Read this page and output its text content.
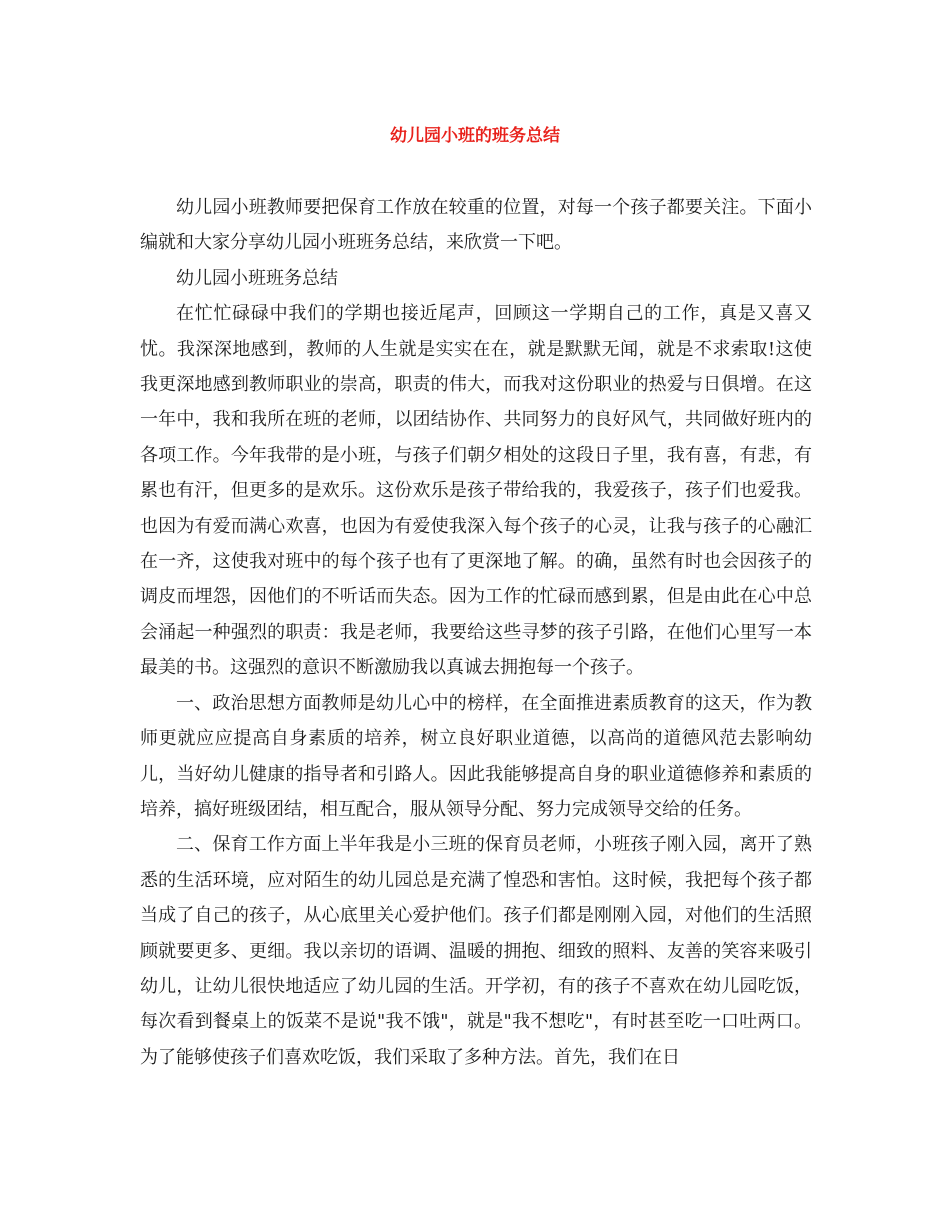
幼儿园小班的班务总结

幼儿园小班教师要把保育工作放在较重的位置，对每一个孩子都要关注。下面小编就和大家分享幼儿园小班班务总结，来欣赏一下吧。

幼儿园小班班务总结

在忙忙碌碌中我们的学期也接近尾声，回顾这一学期自己的工作，真是又喜又忧。我深深地感到，教师的人生就是实实在在，就是默默无闻，就是不求索取!这使我更深地感到教师职业的崇高，职责的伟大，而我对这份职业的热爱与日俱增。在这一年中，我和我所在班的老师，以团结协作、共同努力的良好风气，共同做好班内的各项工作。今年我带的是小班，与孩子们朝夕相处的这段日子里，我有喜，有悲，有累也有汗，但更多的是欢乐。这份欢乐是孩子带给我的，我爱孩子，孩子们也爱我。也因为有爱而满心欢喜，也因为有爱使我深入每个孩子的心灵，让我与孩子的心融汇在一齐，这使我对班中的每个孩子也有了更深地了解。的确，虽然有时也会因孩子的调皮而埋怨，因他们的不听话而失态。因为工作的忙碌而感到累，但是由此在心中总会涌起一种强烈的职责：我是老师，我要给这些寻梦的孩子引路，在他们心里写一本最美的书。这强烈的意识不断激励我以真诚去拥抱每一个孩子。

一、政治思想方面教师是幼儿心中的榜样，在全面推进素质教育的这天，作为教师更就应应提高自身素质的培养，树立良好职业道德，以高尚的道德风范去影响幼儿，当好幼儿健康的指导者和引路人。因此我能够提高自身的职业道德修养和素质的培养，搞好班级团结，相互配合，服从领导分配、努力完成领导交给的任务。

二、保育工作方面上半年我是小三班的保育员老师，小班孩子刚入园，离开了熟悉的生活环境，应对陌生的幼儿园总是充满了惶恐和害怕。这时候，我把每个孩子都当成了自己的孩子，从心底里关心爱护他们。孩子们都是刚刚入园，对他们的生活照顾就要更多、更细。我以亲切的语调、温暖的拥抱、细致的照料、友善的笑容来吸引幼儿，让幼儿很快地适应了幼儿园的生活。开学初，有的孩子不喜欢在幼儿园吃饭，每次看到餐桌上的饭菜不是说"我不饿"，就是"我不想吃"，有时甚至吃一口吐两口。为了能够使孩子们喜欢吃饭，我们采取了多种方法。首先，我们在日
